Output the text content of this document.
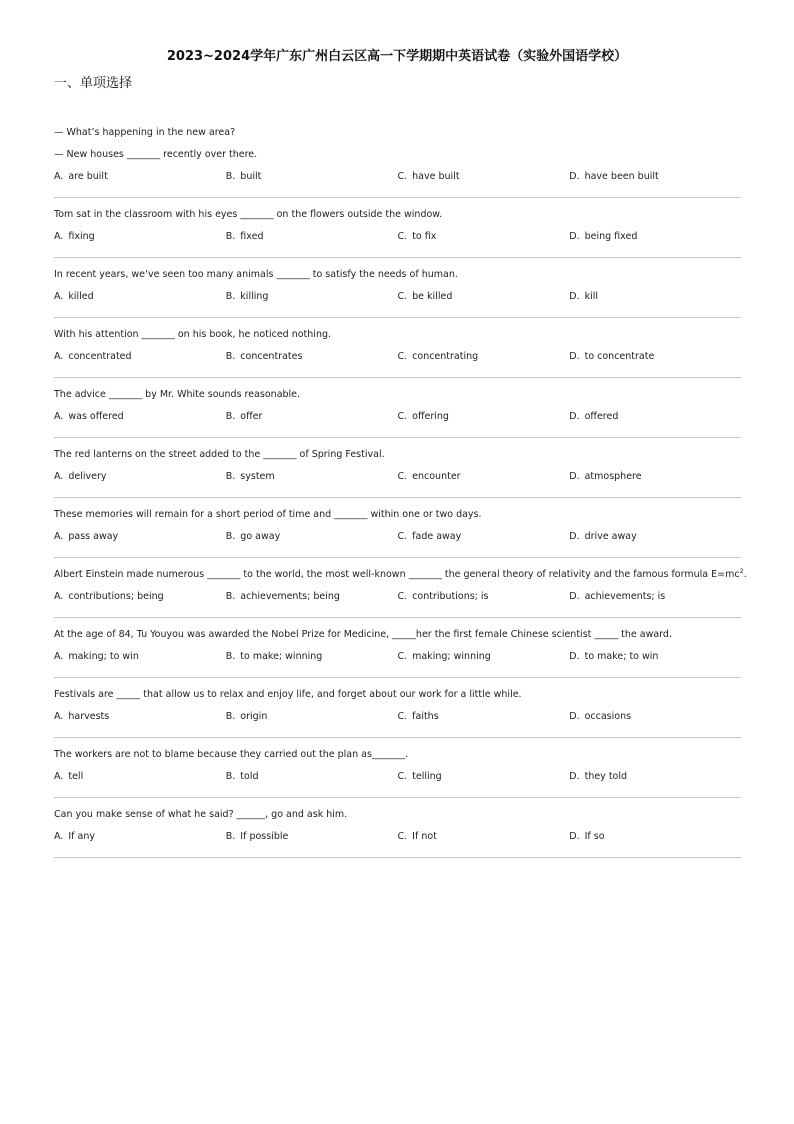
2023~2024学年广东广州白云区高一下学期期中英语试卷（实验外国语学校）
一、单项选择
— What’s happening in the new area?
— New houses _______ recently over there.
A. are built	B. built	C. have built	D. have been built
Tom sat in the classroom with his eyes _______ on the flowers outside the window.
A. fixing	B. fixed	C. to fix	D. being fixed
In recent years, we’ve seen too many animals _______ to satisfy the needs of human.
A. killed	B. killing	C. be killed	D. kill
With his attention _______ on his book, he noticed nothing.
A. concentrated	B. concentrates	C. concentrating	D. to concentrate
The advice _______ by Mr. White sounds reasonable.
A. was offered	B. offer	C. offering	D. offered
The red lanterns on the street added to the _______ of Spring Festival.
A. delivery	B. system	C. encounter	D. atmosphere
These memories will remain for a short period of time and _______ within one or two days.
A. pass away	B. go away	C. fade away	D. drive away
Albert Einstein made numerous _______ to the world, the most well-known _______ the general theory of relativity and the famous formula $E=mc^2$.
A. contributions; being	B. achievements; being	C. contributions; is	D. achievements; is
At the age of 84, Tu Youyou was awarded the Nobel Prize for Medicine, _____her the first female Chinese scientist _____ the award.
A. making; to win	B. to make; winning	C. making; winning	D. to make; to win
Festivals are _____ that allow us to relax and enjoy life, and forget about our work for a little while.
A. harvests	B. origin	C. faiths	D. occasions
The workers are not to blame because they carried out the plan as_______.
A. tell	B. told	C. telling	D. they told
Can you make sense of what he said? ______, go and ask him.
A. If any	B. If possible	C. If not	D. If so
